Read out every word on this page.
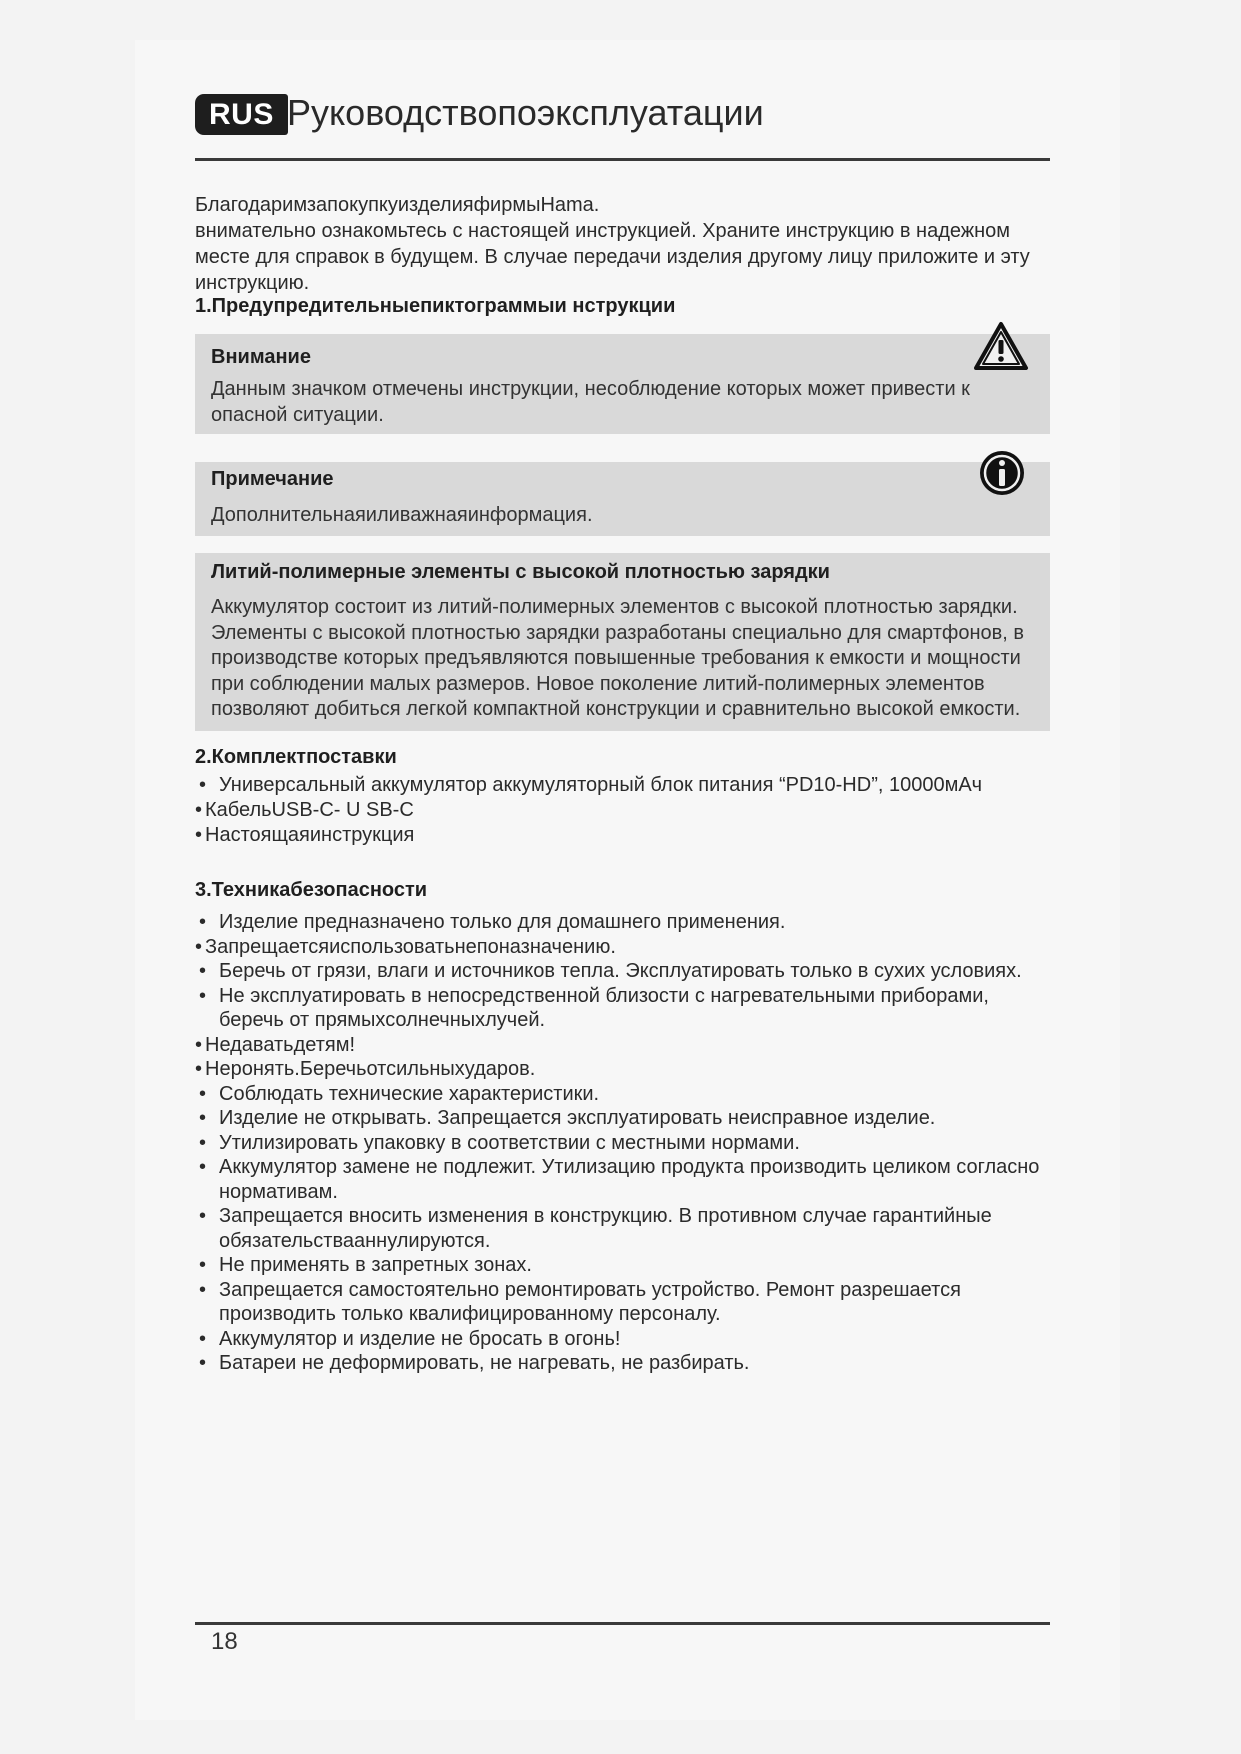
RUS Руководствопоэксплуатации
БлагодаримзапокупкуизделияфирмыHama.
внимательно ознакомьтесь с настоящей инструкцией. Храните инструкцию в надежном месте для справок в будущем. В случае передачи изделия другому лицу приложите и эту инструкцию.
1.Предупредительныепиктограммыи нструкции
Внимание
Данным значком отмечены инструкции, несоблюдение которых может привести к опасной ситуации.
Примечание
Дополнительнаяиливажнаяинформация.
Литий-полимерные элементы с высокой плотностью зарядки
Аккумулятор состоит из литий-полимерных элементов с высокой плотностью зарядки. Элементы с высокой плотностью зарядки разработаны специально для смартфонов, в производстве которых предъявляются повышенные требования к емкости и мощности при соблюдении малых размеров. Новое поколение литий-полимерных элементов позволяют добиться легкой компактной конструкции и сравнительно высокой емкости.
2.Комплектпоставки
• Универсальный аккумулятор аккумуляторный блок питания “PD10-HD”, 10000мАч
• КабельUSB-C- U SB-C
• Настоящаяинструкция
3.Техникабезопасности
• Изделие предназначено только для домашнего применения.
• Запрещаетсяиспользоватьнепоназначению.
• Беречь от грязи, влаги и источников тепла. Эксплуатировать только в сухих условиях.
• Не эксплуатировать в непосредственной близости с нагревательными приборами, беречь от прямыхсолнечныхлучей.
• Недаватьдетям!
• Неронять.Беречьотсильныхударов.
• Соблюдать технические характеристики.
• Изделие не открывать. Запрещается эксплуатировать неисправное изделие.
• Утилизировать упаковку в соответствии с местными нормами.
• Аккумулятор замене не подлежит. Утилизацию продукта производить целиком согласно нормативам.
• Запрещается вносить изменения в конструкцию. В противном случае гарантийные обязательствааннулируются.
• Не применять в запретных зонах.
• Запрещается самостоятельно ремонтировать устройство. Ремонт разрешается производить только квалифицированному персоналу.
• Аккумулятор и изделие не бросать в огонь!
• Батареи не деформировать, не нагревать, не разбирать.
18
